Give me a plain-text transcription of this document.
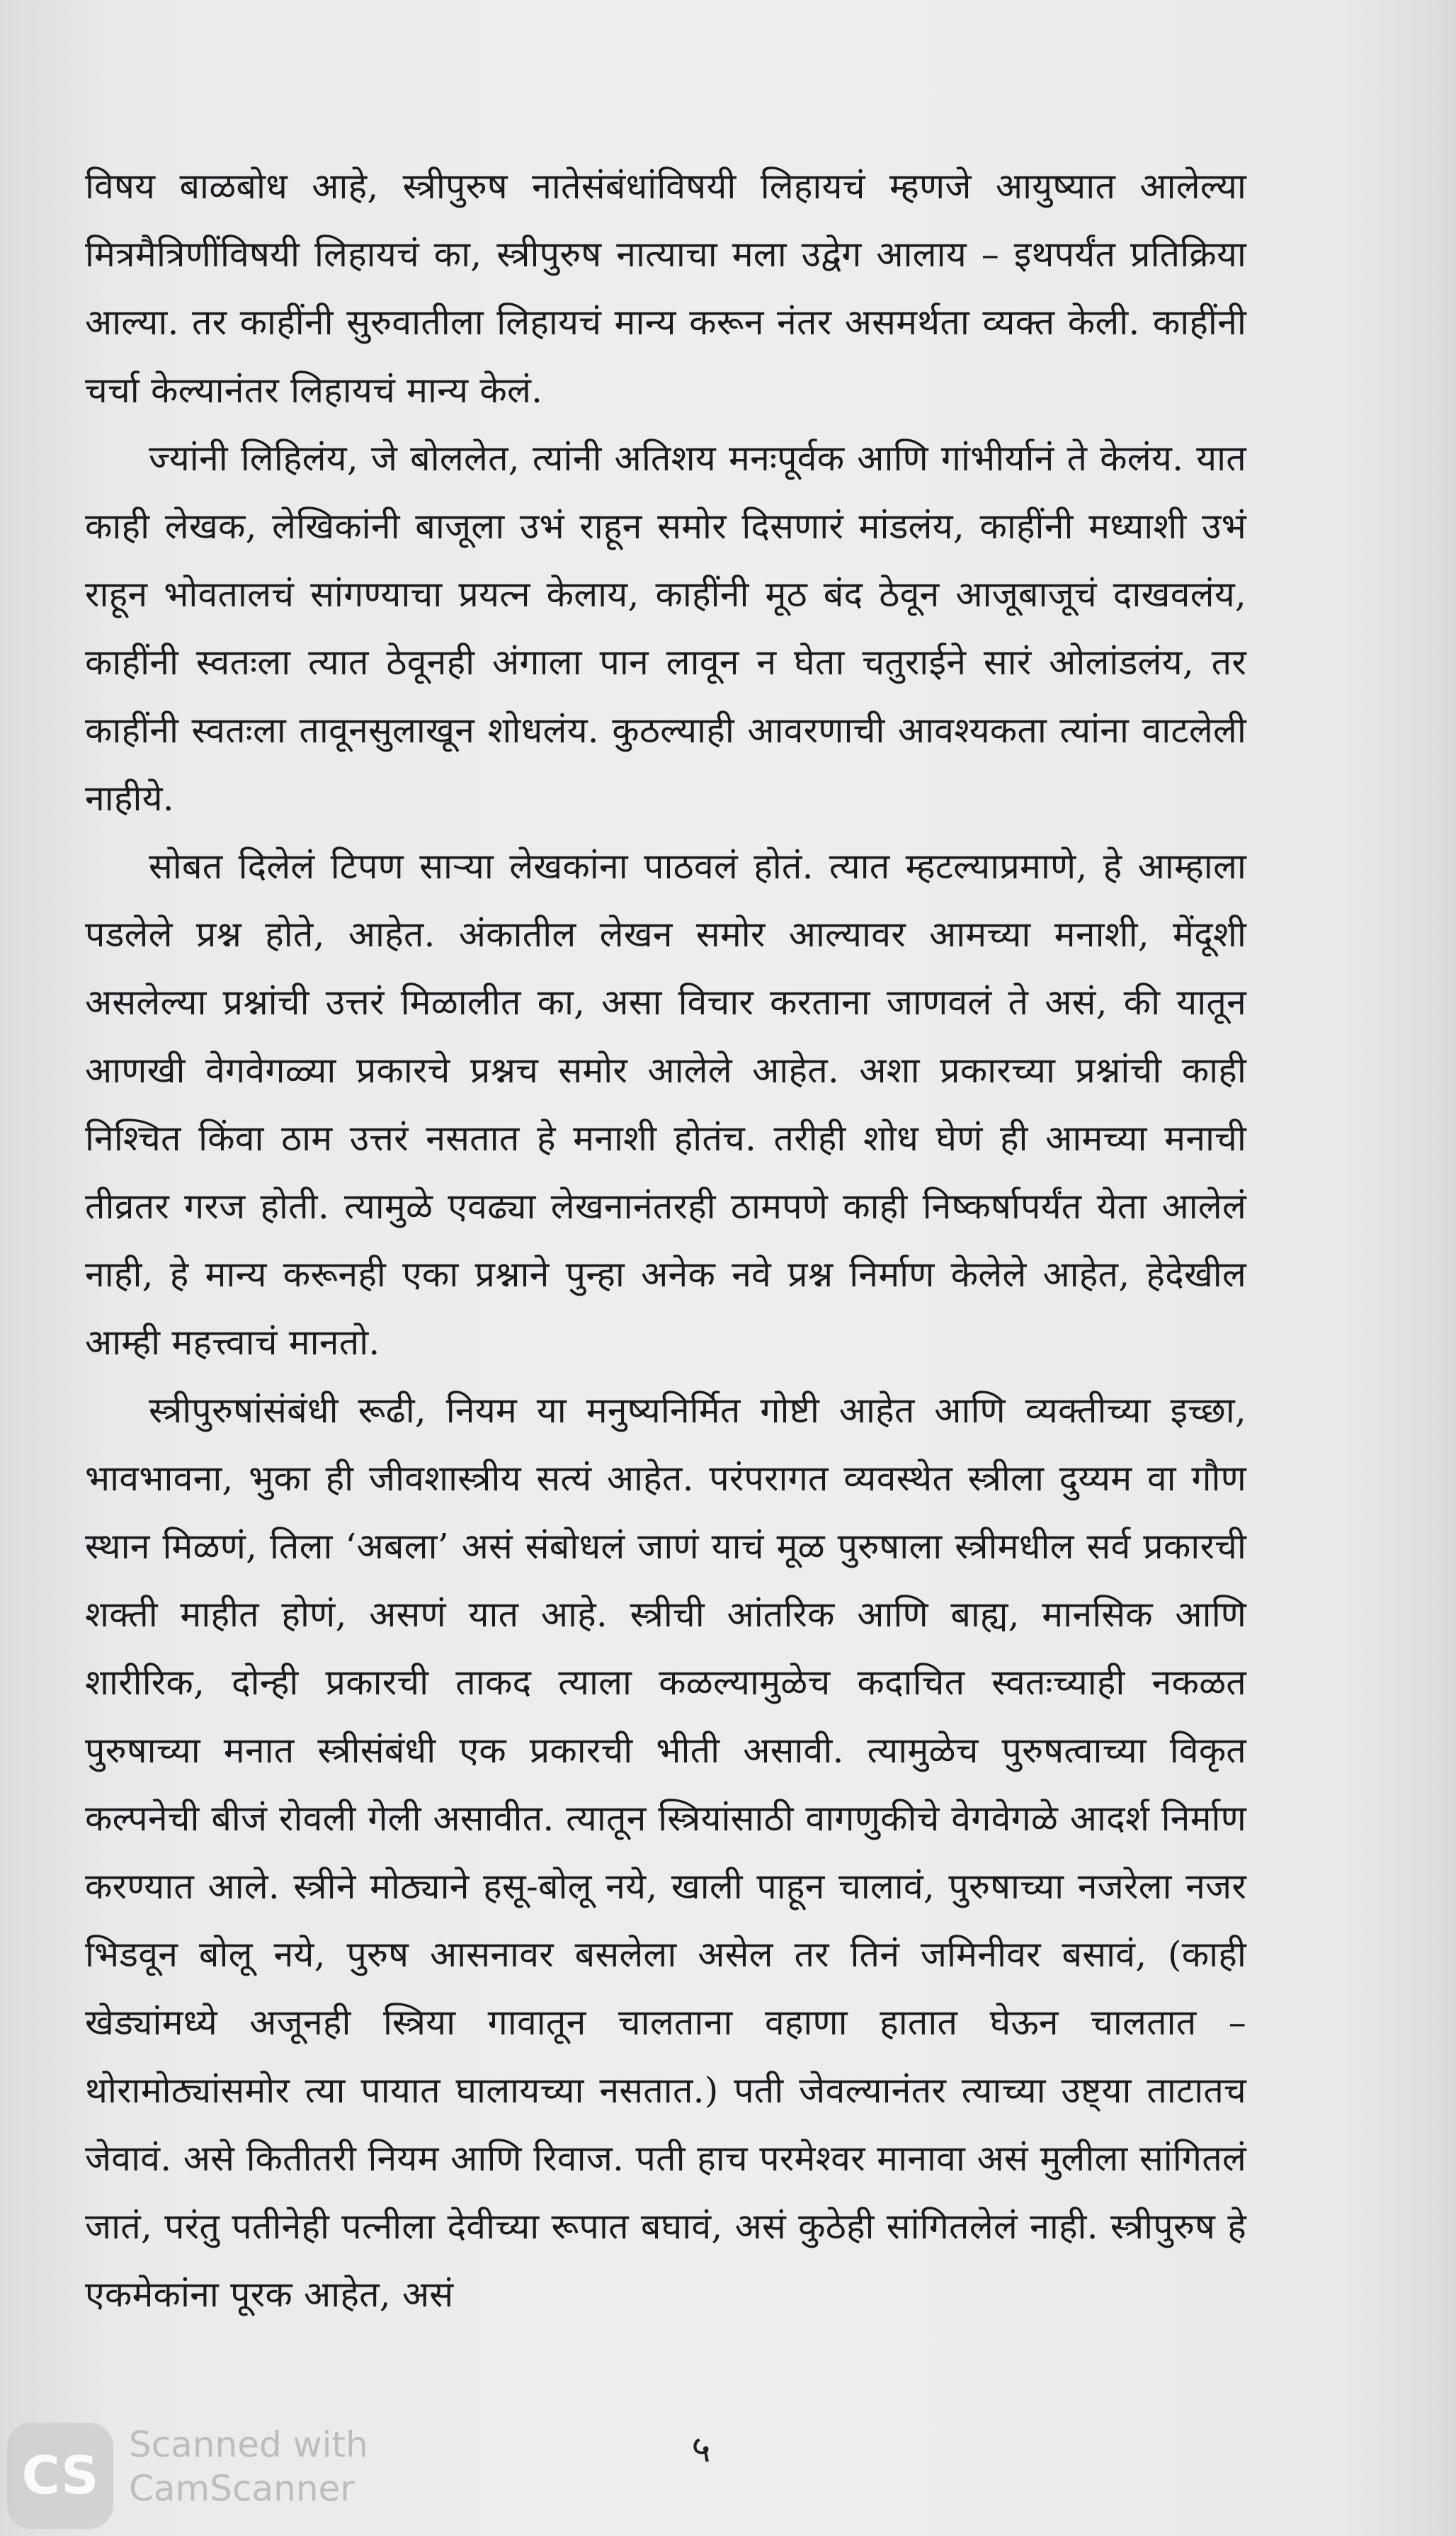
विषय बाळबोध आहे, स्त्रीपुरुष नातेसंबंधांविषयी लिहायचं म्हणजे आयुष्यात आलेल्या मित्रमैत्रिणींविषयी लिहायचं का, स्त्रीपुरुष नात्याचा मला उद्वेग आलाय – इथपर्यंत प्रतिक्रिया आल्या. तर काहींनी सुरुवातीला लिहायचं मान्य करून नंतर असमर्थता व्यक्त केली. काहींनी चर्चा केल्यानंतर लिहायचं मान्य केलं.

ज्यांनी लिहिलंय, जे बोललेत, त्यांनी अतिशय मनःपूर्वक आणि गांभीर्यानं ते केलंय. यात काही लेखक, लेखिकांनी बाजूला उभं राहून समोर दिसणारं मांडलंय, काहींनी मध्याशी उभं राहून भोवतालचं सांगण्याचा प्रयत्न केलाय, काहींनी मूठ बंद ठेवून आजूबाजूचं दाखवलंय, काहींनी स्वतःला त्यात ठेवूनही अंगाला पान लावून न घेता चतुराईने सारं ओलांडलंय, तर काहींनी स्वतःला तावूनसुलाखून शोधलंय. कुठल्याही आवरणाची आवश्यकता त्यांना वाटलेली नाहीये.

सोबत दिलेलं टिपण साऱ्या लेखकांना पाठवलं होतं. त्यात म्हटल्याप्रमाणे, हे आम्हाला पडलेले प्रश्न होते, आहेत. अंकातील लेखन समोर आल्यावर आमच्या मनाशी, मेंदूशी असलेल्या प्रश्नांची उत्तरं मिळालीत का, असा विचार करताना जाणवलं ते असं, की यातून आणखी वेगवेगळ्या प्रकारचे प्रश्नच समोर आलेले आहेत. अशा प्रकारच्या प्रश्नांची काही निश्चित किंवा ठाम उत्तरं नसतात हे मनाशी होतंच. तरीही शोध घेणं ही आमच्या मनाची तीव्रतर गरज होती. त्यामुळे एवढ्या लेखनानंतरही ठामपणे काही निष्कर्षापर्यंत येता आलेलं नाही, हे मान्य करूनही एका प्रश्नाने पुन्हा अनेक नवे प्रश्न निर्माण केलेले आहेत, हेदेखील आम्ही महत्त्वाचं मानतो.

स्त्रीपुरुषांसंबंधी रूढी, नियम या मनुष्यनिर्मित गोष्टी आहेत आणि व्यक्तीच्या इच्छा, भावभावना, भुका ही जीवशास्त्रीय सत्यं आहेत. परंपरागत व्यवस्थेत स्त्रीला दुय्यम वा गौण स्थान मिळणं, तिला ‘अबला’ असं संबोधलं जाणं याचं मूळ पुरुषाला स्त्रीमधील सर्व प्रकारची शक्ती माहीत होणं, असणं यात आहे. स्त्रीची आंतरिक आणि बाह्य, मानसिक आणि शारीरिक, दोन्ही प्रकारची ताकद त्याला कळल्यामुळेच कदाचित स्वतःच्याही नकळत पुरुषाच्या मनात स्त्रीसंबंधी एक प्रकारची भीती असावी. त्यामुळेच पुरुषत्वाच्या विकृत कल्पनेची बीजं रोवली गेली असावीत. त्यातून स्त्रियांसाठी वागणुकीचे वेगवेगळे आदर्श निर्माण करण्यात आले. स्त्रीने मोठ्याने हसू-बोलू नये, खाली पाहून चालावं, पुरुषाच्या नजरेला नजर भिडवून बोलू नये, पुरुष आसनावर बसलेला असेल तर तिनं जमिनीवर बसावं, (काही खेड्यांमध्ये अजूनही स्त्रिया गावातून चालताना वहाणा हातात घेऊन चालतात – थोरामोठ्यांसमोर त्या पायात घालायच्या नसतात.) पती जेवल्यानंतर त्याच्या उष्ट्या ताटातच जेवावं. असे कितीतरी नियम आणि रिवाज. पती हाच परमेश्वर मानावा असं मुलीला सांगितलं जातं, परंतु पतीनेही पत्नीला देवीच्या रूपात बघावं, असं कुठेही सांगितलेलं नाही. स्त्रीपुरुष हे एकमेकांना पूरक आहेत, असं

५
CS
Scanned with
CamScanner
